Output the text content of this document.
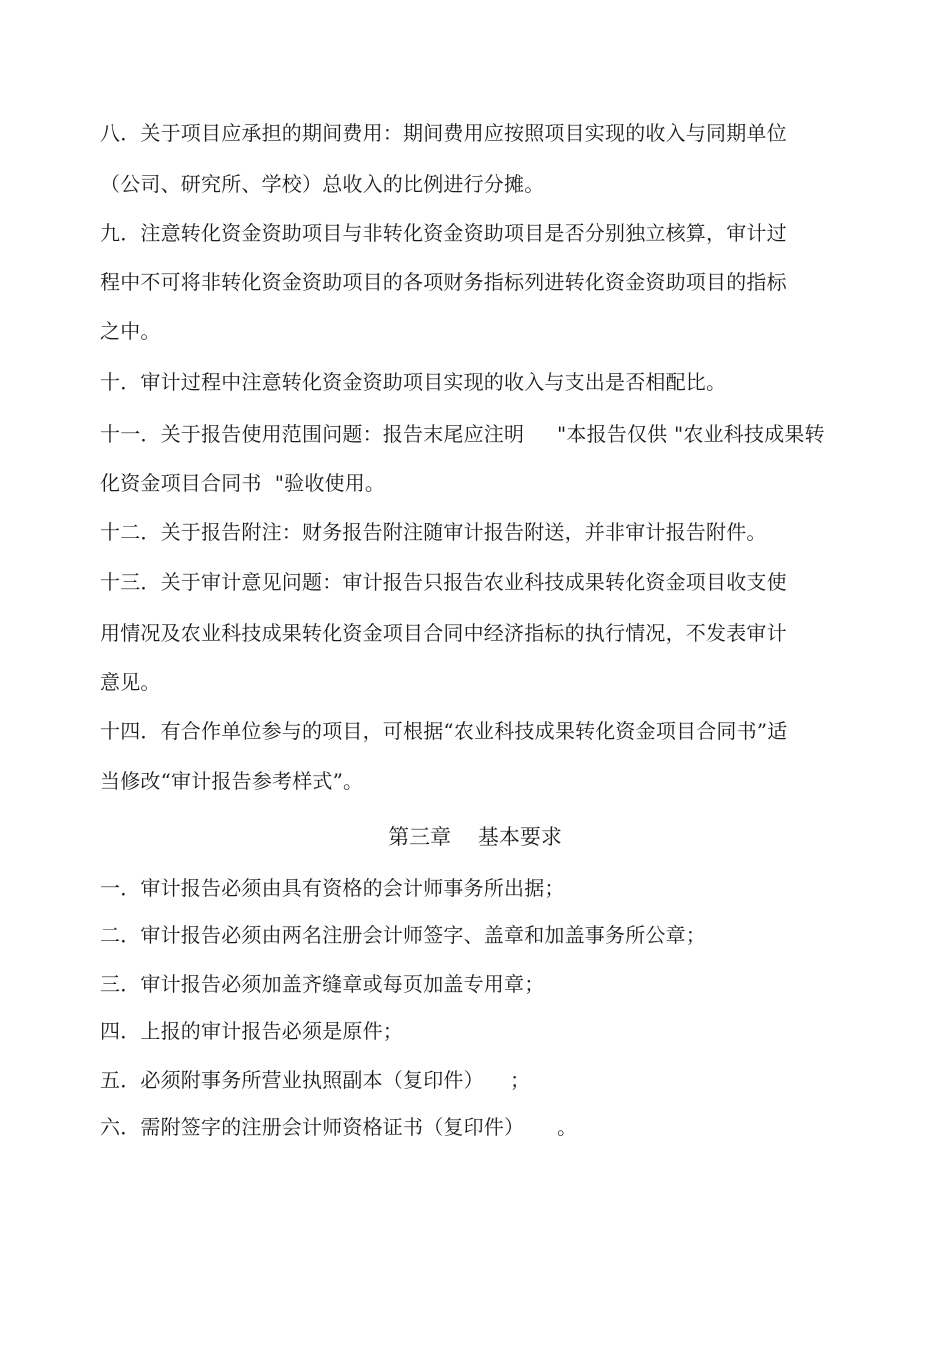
八．关于项目应承担的期间费用：期间费用应按照项目实现的收入与同期单位
（公司、研究所、学校）总收入的比例进行分摊。
九．注意转化资金资助项目与非转化资金资助项目是否分别独立核算，审计过
程中不可将非转化资金资助项目的各项财务指标列进转化资金资助项目的指标
之中。
十．审计过程中注意转化资金资助项目实现的收入与支出是否相配比。
十一．关于报告使用范围问题：报告末尾应注明     "本报告仅供 "农业科技成果转
化资金项目合同书  "验收使用。
十二．关于报告附注：财务报告附注随审计报告附送，并非审计报告附件。
十三．关于审计意见问题：审计报告只报告农业科技成果转化资金项目收支使
用情况及农业科技成果转化资金项目合同中经济指标的执行情况，不发表审计
意见。
十四．有合作单位参与的项目，可根据“农业科技成果转化资金项目合同书”适
当修改“审计报告参考样式”。
第三章    基本要求
一．审计报告必须由具有资格的会计师事务所出据；
二．审计报告必须由两名注册会计师签字、盖章和加盖事务所公章；
三．审计报告必须加盖齐缝章或每页加盖专用章；
四．上报的审计报告必须是原件；
五．必须附事务所营业执照副本（复印件）    ；
六．需附签字的注册会计师资格证书（复印件）     。
